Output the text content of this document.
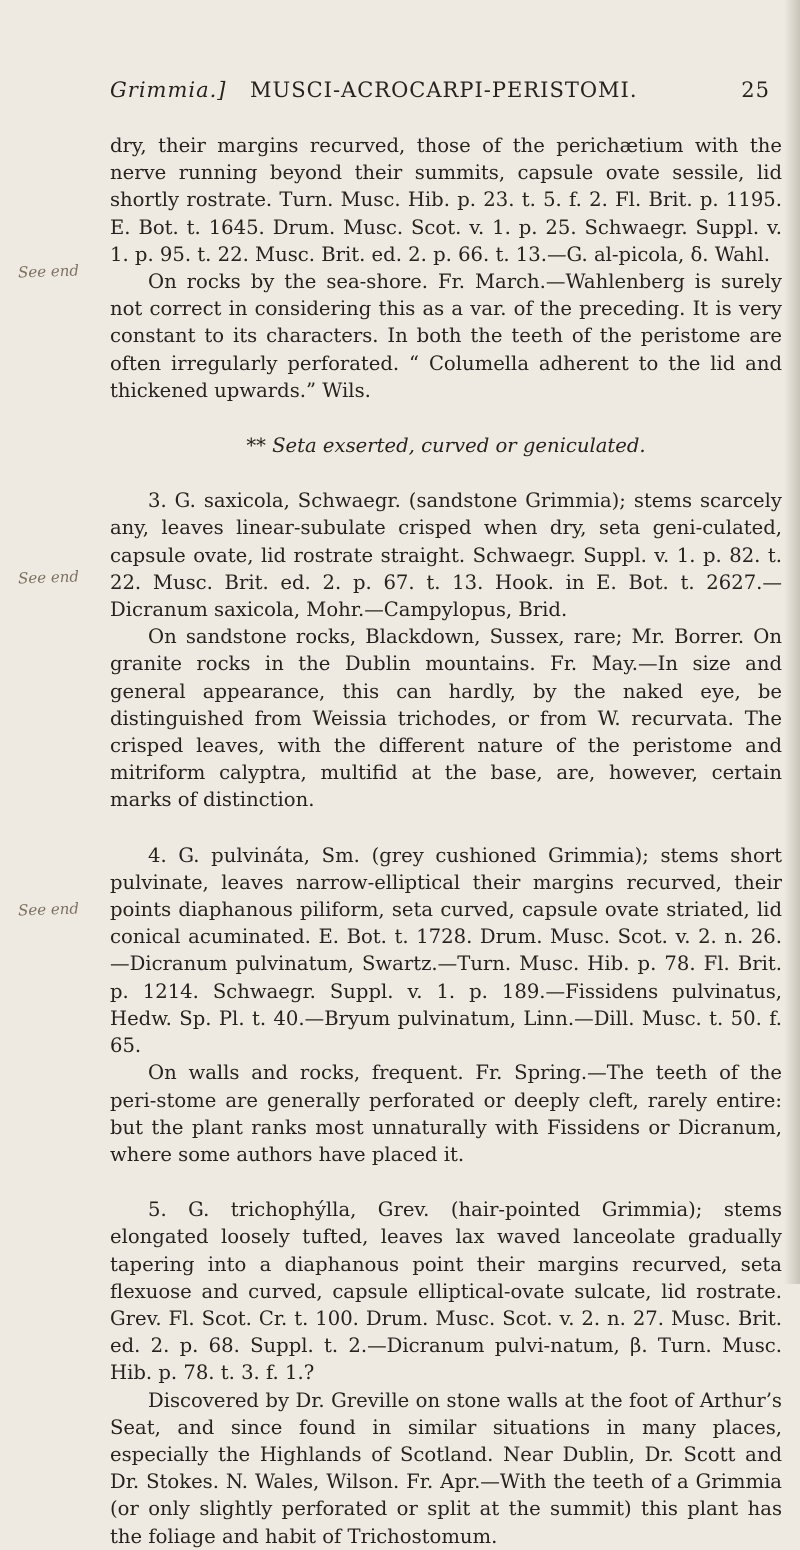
Grimmia.] MUSCI-ACROCARPI-PERISTOMI.	25
See end
See end
See end

dry, their margins recurved, those of the perichætium with the nerve running beyond their summits, capsule ovate sessile, lid shortly rostrate. Turn. Musc. Hib. p. 23. t. 5. f. 2. Fl. Brit. p. 1195. E. Bot. t. 1645. Drum. Musc. Scot. v. 1. p. 25. Schwaegr. Suppl. v. 1. p. 95. t. 22. Musc. Brit. ed. 2. p. 66. t. 13.—G. al-picola, δ. Wahl.

On rocks by the sea-shore. Fr. March.—Wahlenberg is surely not correct in considering this as a var. of the preceding. It is very constant to its characters. In both the teeth of the peristome are often irregularly perforated. “ Columella adherent to the lid and thickened upwards.” Wils.

** Seta exserted, curved or geniculated.

3. G. saxicola, Schwaegr. (sandstone Grimmia); stems scarcely any, leaves linear-subulate crisped when dry, seta geni-culated, capsule ovate, lid rostrate straight. Schwaegr. Suppl. v. 1. p. 82. t. 22. Musc. Brit. ed. 2. p. 67. t. 13. Hook. in E. Bot. t. 2627.—Dicranum saxicola, Mohr.—Campylopus, Brid.

On sandstone rocks, Blackdown, Sussex, rare; Mr. Borrer. On granite rocks in the Dublin mountains. Fr. May.—In size and general appearance, this can hardly, by the naked eye, be distinguished from Weissia trichodes, or from W. recurvata. The crisped leaves, with the different nature of the peristome and mitriform calyptra, multifid at the base, are, however, certain marks of distinction.

4. G. pulvináta, Sm. (grey cushioned Grimmia); stems short pulvinate, leaves narrow-elliptical their margins recurved, their points diaphanous piliform, seta curved, capsule ovate striated, lid conical acuminated. E. Bot. t. 1728. Drum. Musc. Scot. v. 2. n. 26.—Dicranum pulvinatum, Swartz.—Turn. Musc. Hib. p. 78. Fl. Brit. p. 1214. Schwaegr. Suppl. v. 1. p. 189.—Fissidens pulvinatus, Hedw. Sp. Pl. t. 40.—Bryum pulvinatum, Linn.—Dill. Musc. t. 50. f. 65.

On walls and rocks, frequent. Fr. Spring.—The teeth of the peri-stome are generally perforated or deeply cleft, rarely entire: but the plant ranks most unnaturally with Fissidens or Dicranum, where some authors have placed it.

5. G. trichophýlla, Grev. (hair-pointed Grimmia); stems elongated loosely tufted, leaves lax waved lanceolate gradually tapering into a diaphanous point their margins recurved, seta flexuose and curved, capsule elliptical-ovate sulcate, lid rostrate. Grev. Fl. Scot. Cr. t. 100. Drum. Musc. Scot. v. 2. n. 27. Musc. Brit. ed. 2. p. 68. Suppl. t. 2.—Dicranum pulvi-natum, β. Turn. Musc. Hib. p. 78. t. 3. f. 1.?

Discovered by Dr. Greville on stone walls at the foot of Arthur’s Seat, and since found in similar situations in many places, especially the Highlands of Scotland. Near Dublin, Dr. Scott and Dr. Stokes. N. Wales, Wilson. Fr. Apr.—With the teeth of a Grimmia (or only slightly perforated or split at the summit) this plant has the foliage and habit of Trichostomum.
